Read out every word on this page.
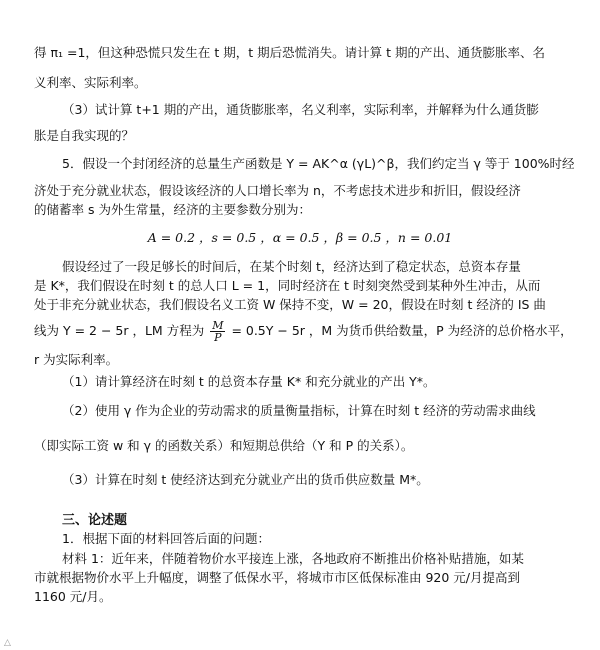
得 π₁ =1，但这种恐慌只发生在 t 期，t 期后恐慌消失。请计算 t 期的产出、通货膨胀率、名
义利率、实际利率。
（3）试计算 t+1 期的产出，通货膨胀率，名义利率，实际利率，并解释为什么通货膨
胀是自我实现的？
5．假设一个封闭经济的总量生产函数是 Y = AK^α (γL)^β，我们约定当 γ 等于 100%时经
济处于充分就业状态，假设该经济的人口增长率为 n，不考虑技术进步和折旧，假设经济
的储蓄率 s 为外生常量，经济的主要参数分别为：
A = 0.2 ，s = 0.5 ，α = 0.5 ，β = 0.5 ，n = 0.01
假设经过了一段足够长的时间后，在某个时刻 t，经济达到了稳定状态，总资本存量
是 K*，我们假设在时刻 t 的总人口 L = 1，同时经济在 t 时刻突然受到某种外生冲击，从而
处于非充分就业状态，我们假设名义工资 W 保持不变，W = 20，假设在时刻 t 经济的 IS 曲
线为 Y = 2 − 5r ，LM 方程为 $\frac{M}{P} = 0.5Y - 5r$ ，M 为货币供给数量，P 为经济的总价格水平，
r 为实际利率。
（1）请计算经济在时刻 t 的总资本存量 K* 和充分就业的产出 Y*。
（2）使用 γ 作为企业的劳动需求的质量衡量指标，计算在时刻 t 经济的劳动需求曲线
（即实际工资 w 和 γ 的函数关系）和短期总供给（Y 和 P 的关系）。
（3）计算在时刻 t 使经济达到充分就业产出的货币供应数量 M*。
三、论述题
1．根据下面的材料回答后面的问题：
材料 1：近年来，伴随着物价水平接连上涨，各地政府不断推出价格补贴措施，如某
市就根据物价水平上升幅度，调整了低保水平，将城市市区低保标准由 920 元/月提高到
1160 元/月。
△
